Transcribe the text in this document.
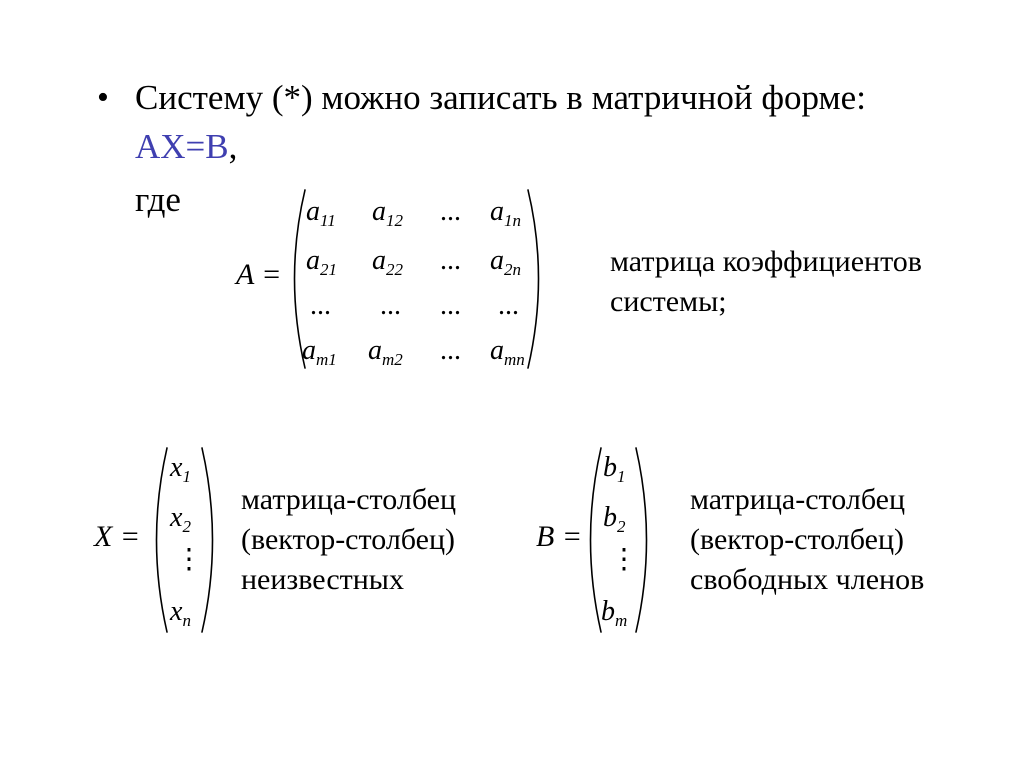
• Систему (*) можно записать в матричной форме:
AX=B,
где
A =
$a_{11}$ $a_{12}$ ... $a_{1n}$
$a_{21}$ $a_{22}$ ... $a_{2n}$
... ... ... ...
$a_{m1}$ $a_{m2}$ ... $a_{mn}$
матрица коэффициентов
системы;
X =
$x_1$
$x_2$
⋮
$x_n$
матрица-столбец
(вектор-столбец)
неизвестных
B =
$b_1$
$b_2$
⋮
$b_m$
матрица-столбец
(вектор-столбец)
свободных членов
